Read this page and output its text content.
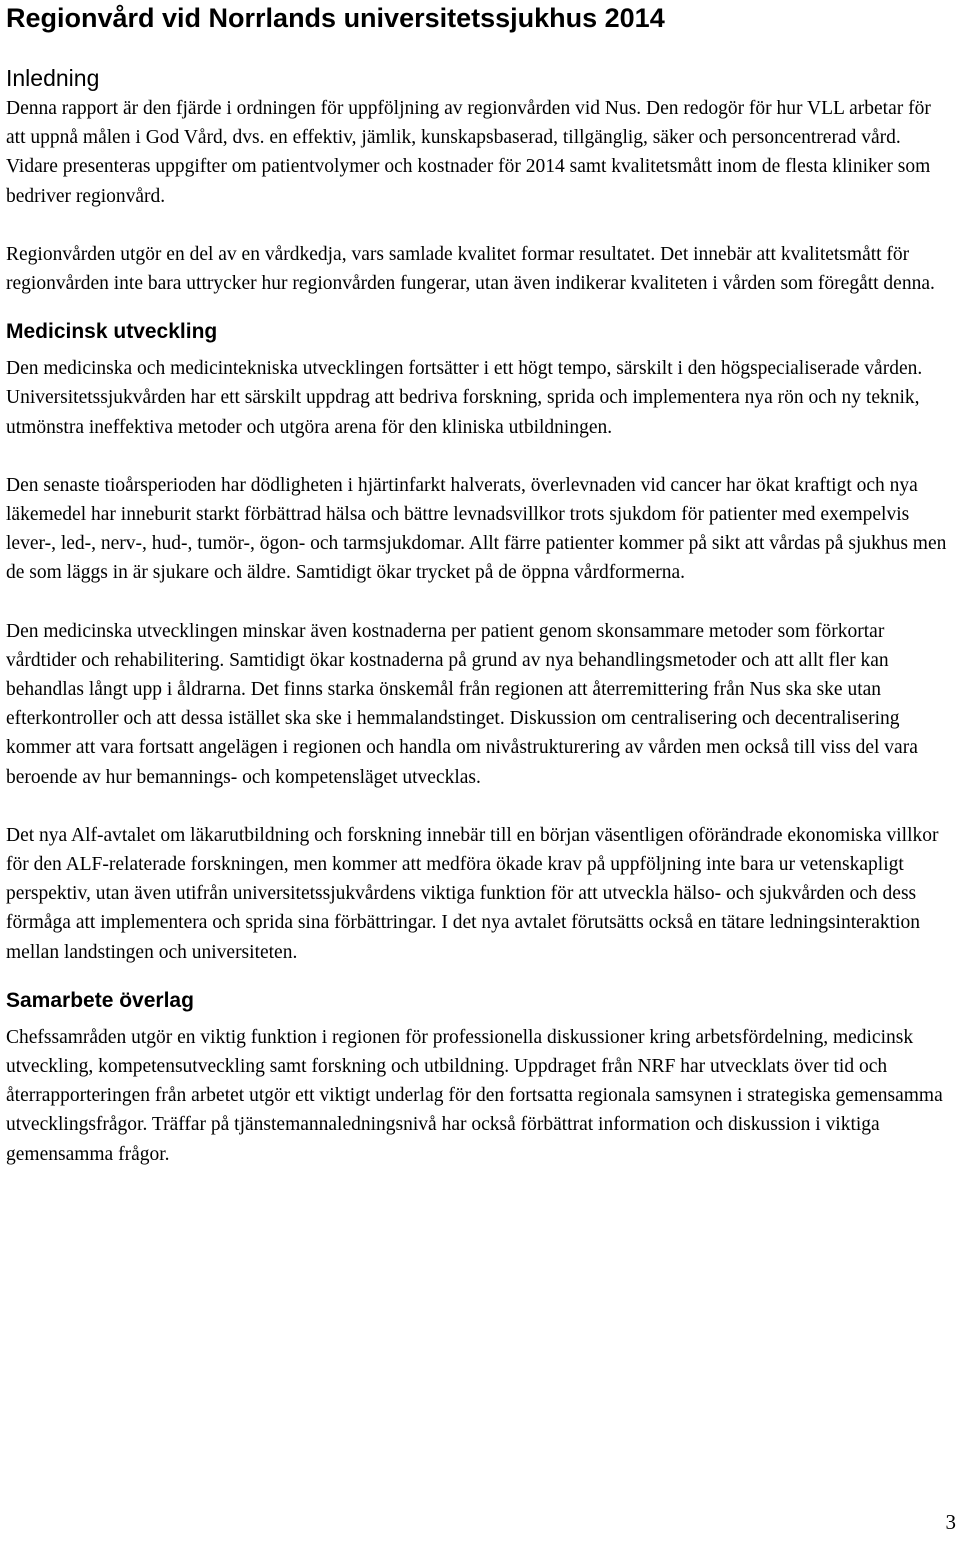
Regionvård vid Norrlands universitetssjukhus 2014
Inledning

Denna rapport är den fjärde i ordningen för uppföljning av regionvården vid Nus. Den redogör för hur VLL arbetar för att uppnå målen i God Vård, dvs. en effektiv, jämlik, kunskapsbaserad, tillgänglig, säker och personcentrerad vård. Vidare presenteras uppgifter om patientvolymer och kostnader för 2014 samt kvalitetsmått inom de flesta kliniker som bedriver regionvård.

Regionvården utgör en del av en vårdkedja, vars samlade kvalitet formar resultatet. Det innebär att kvalitetsmått för regionvården inte bara uttrycker hur regionvården fungerar, utan även indikerar kvaliteten i vården som föregått denna.

Medicinsk utveckling

Den medicinska och medicintekniska utvecklingen fortsätter i ett högt tempo, särskilt i den högspecialiserade vården. Universitetssjukvården har ett särskilt uppdrag att bedriva forskning, sprida och implementera nya rön och ny teknik, utmönstra ineffektiva metoder och utgöra arena för den kliniska utbildningen.

Den senaste tioårsperioden har dödligheten i hjärtinfarkt halverats, överlevnaden vid cancer har ökat kraftigt och nya läkemedel har inneburit starkt förbättrad hälsa och bättre levnadsvillkor trots sjukdom för patienter med exempelvis lever-, led-, nerv-, hud-, tumör-, ögon- och tarmsjukdomar. Allt färre patienter kommer på sikt att vårdas på sjukhus men de som läggs in är sjukare och äldre. Samtidigt ökar trycket på de öppna vårdformerna.

Den medicinska utvecklingen minskar även kostnaderna per patient genom skonsammare metoder som förkortar vårdtider och rehabilitering. Samtidigt ökar kostnaderna på grund av nya behandlingsmetoder och att allt fler kan behandlas långt upp i åldrarna. Det finns starka önskemål från regionen att återremittering från Nus ska ske utan efterkontroller och att dessa istället ska ske i hemmalandstinget. Diskussion om centralisering och decentralisering kommer att vara fortsatt angelägen i regionen och handla om nivåstrukturering av vården men också till viss del vara beroende av hur bemannings- och kompetensläget utvecklas.

Det nya Alf-avtalet om läkarutbildning och forskning innebär till en början väsentligen oförändrade ekonomiska villkor för den ALF-relaterade forskningen, men kommer att medföra ökade krav på uppföljning inte bara ur vetenskapligt perspektiv, utan även utifrån universitetssjukvårdens viktiga funktion för att utveckla hälso- och sjukvården och dess förmåga att implementera och sprida sina förbättringar. I det nya avtalet förutsätts också en tätare ledningsinteraktion mellan landstingen och universiteten.

Samarbete överlag

Chefssamråden utgör en viktig funktion i regionen för professionella diskussioner kring arbetsfördelning, medicinsk utveckling, kompetensutveckling samt forskning och utbildning. Uppdraget från NRF har utvecklats över tid och återrapporteringen från arbetet utgör ett viktigt underlag för den fortsatta regionala samsynen i strategiska gemensamma utvecklingsfrågor. Träffar på tjänstemannaledningsnivå har också förbättrat information och diskussion i viktiga gemensamma frågor.

3
